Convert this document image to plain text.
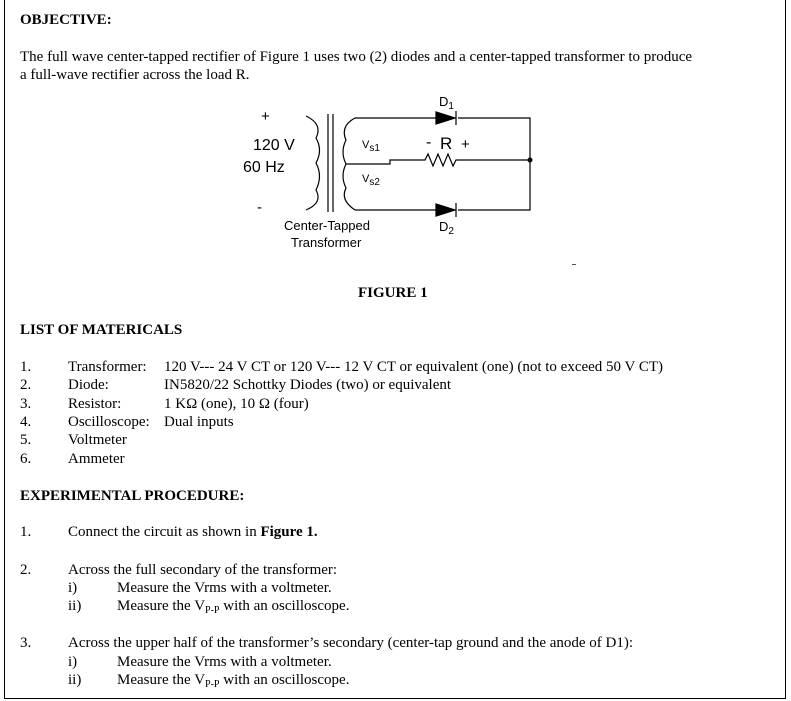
OBJECTIVE:
The full wave center-tapped rectifier of Figure 1 uses two (2) diodes and a center-tapped transformer to produce
a full-wave rectifier across the load R.
+
120 V
60 Hz
-
$V_{s1}$
$V_{s2}$
$D_1$
$D_2$
- R +
Center-Tapped
Transformer
FIGURE 1
LIST OF MATERICALS
1. Transformer: 120 V--- 24 V CT or 120 V--- 12 V CT or equivalent (one) (not to exceed 50 V CT)
2. Diode:	IN5820/22 Schottky Diodes (two) or equivalent
3. Resistor:	1 KΩ (one), 10 Ω (four)
4. Oscilloscope: Dual inputs
5. Voltmeter
6. Ammeter
EXPERIMENTAL PROCEDURE:
1. Connect the circuit as shown in Figure 1.
2. Across the full secondary of the transformer:
i)	Measure the Vrms with a voltmeter.
ii) Measure the $V_{P-P}$ with an oscilloscope.
3. Across the upper half of the transformer’s secondary (center-tap ground and the anode of D1):
i)	Measure the Vrms with a voltmeter.
ii) Measure the $V_{P-P}$ with an oscilloscope.
